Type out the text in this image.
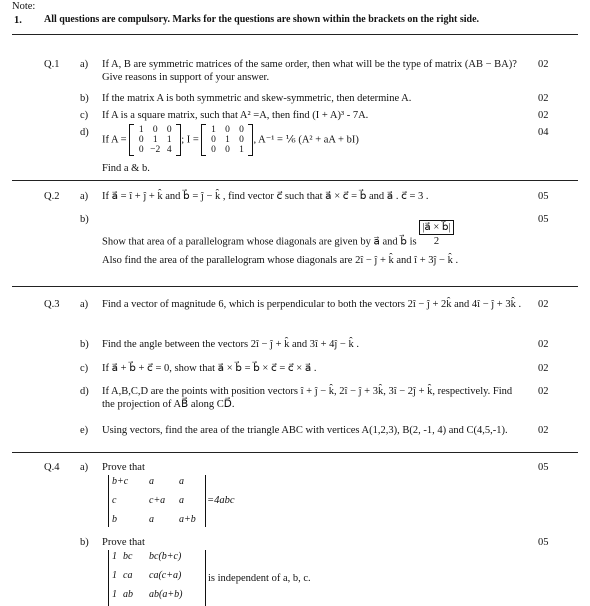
Note:
1. All questions are compulsory. Marks for the questions are shown within the brackets on the right side.
Q.1 a) If A, B are symmetric matrices of the same order, then what will be the type of matrix (AB − BA)? Give reasons in support of your answer.
02
b) If the matrix A is both symmetric and skew-symmetric, then determine A.	02
c) If A is a square matrix, such that A² =A, then find (I + A)³ - 7A.	02
d)
If A =
1 0 0
0 1 1
0 −2 4
; I =
1 0 0
0 1 0
0 0 1
, A⁻¹ = ⅙ (A² + aA + bI)
Find a & b.
04
Q.2 a) If a⃗ = î + ĵ + k̂ and b⃗ = ĵ − k̂ , find vector c⃗ such that a⃗ × c⃗ = b⃗ and a⃗ . c⃗ = 3 .	05
b)
Show that area of a parallelogram whose diagonals are given by a⃗ and b⃗ is $\frac{|a⃗ \times b⃗|}{2}$
Also find the area of the parallelogram whose diagonals are 2î − ĵ + k̂ and î + 3ĵ − k̂ .
05
Q.3 a) Find a vector of magnitude 6, which is perpendicular to both the vectors 2î − ĵ + 2k̂ and 4î − ĵ + 3k̂ . 02
b) Find the angle between the vectors 2î − ĵ + k̂ and 3î + 4ĵ − k̂ .	02
c) If a⃗ + b⃗ + c⃗ = 0, show that a⃗ × b⃗ = b⃗ × c⃗ = c⃗ × a⃗ .	02
d) If A,B,C,D are the points with position vectors î + ĵ − k̂, 2î − ĵ + 3k̂, 3î − 2ĵ + k̂, respectively. Find the projection of AB⃗ along CD⃗.
02
e) Using vectors, find the area of the triangle ABC with vertices A(1,2,3), B(2, -1, 4) and C(4,5,-1).	02
Q.4 a) Prove that	05
b+c a	a
c	c+a a
b	a	a+b
=4abc
b) Prove that	05
1 bc bc(b+c)
1 ca ca(c+a)
1 ab ab(a+b)
is independent of a, b, c.
